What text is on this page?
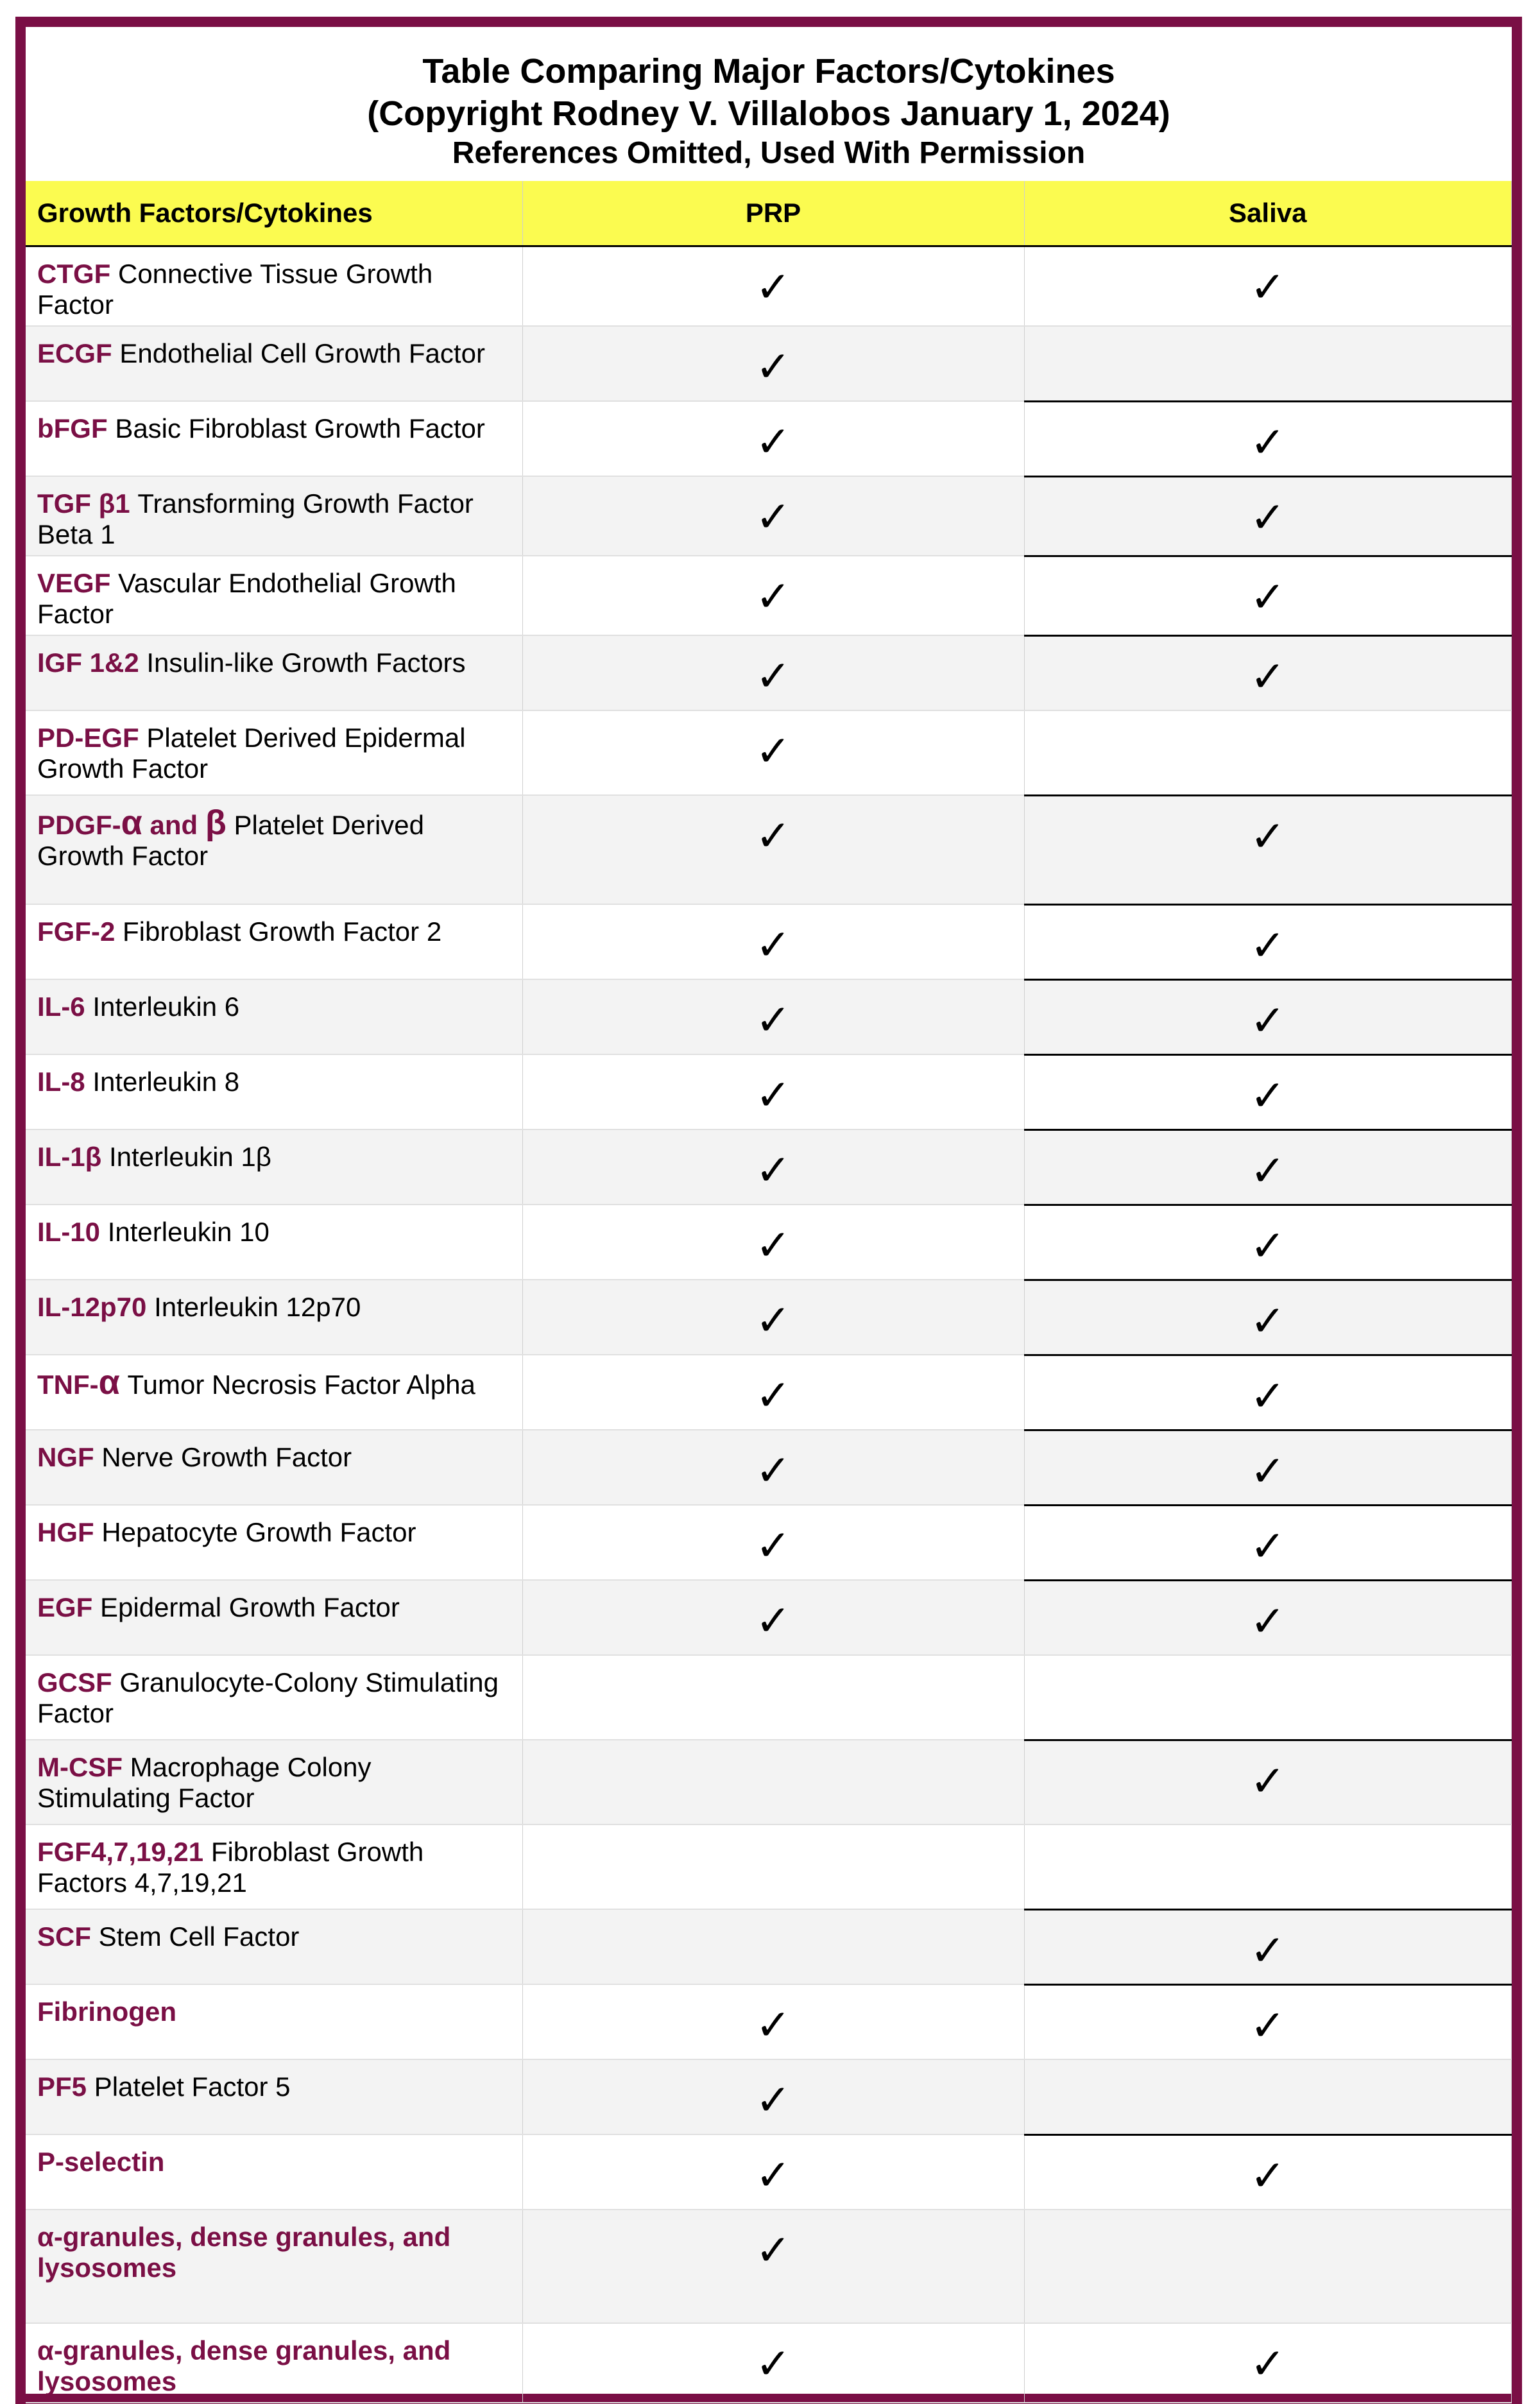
Table Comparing Major Factors/Cytokines
(Copyright Rodney V. Villalobos January 1, 2024)
References Omitted, Used With Permission
Growth Factors/Cytokines	PRP	Saliva
CTGF Connective Tissue Growth Factor	✓	✓
ECGF Endothelial Cell Growth Factor	✓	
bFGF Basic Fibroblast Growth Factor	✓	✓
TGF β1 Transforming Growth Factor Beta 1	✓	✓
VEGF Vascular Endothelial Growth Factor	✓	✓
IGF 1&2 Insulin-like Growth Factors	✓	✓
PD-EGF Platelet Derived Epidermal Growth Factor	✓	
PDGF-α and β Platelet Derived Growth Factor	✓	✓
FGF-2 Fibroblast Growth Factor 2	✓	✓
IL-6 Interleukin 6	✓	✓
IL-8 Interleukin 8	✓	✓
IL-1β Interleukin 1β	✓	✓
IL-10 Interleukin 10	✓	✓
IL-12p70 Interleukin 12p70	✓	✓
TNF-α Tumor Necrosis Factor Alpha	✓	✓
NGF Nerve Growth Factor	✓	✓
HGF Hepatocyte Growth Factor	✓	✓
EGF Epidermal Growth Factor	✓	✓
GCSF Granulocyte-Colony Stimulating Factor		
M-CSF Macrophage Colony Stimulating Factor		✓
FGF4,7,19,21 Fibroblast Growth Factors 4,7,19,21		
SCF Stem Cell Factor		✓
Fibrinogen	✓	✓
PF5 Platelet Factor 5	✓	
P-selectin	✓	✓
α-granules, dense granules, and lysosomes	✓	
α-granules, dense granules, and lysosomes	✓	✓
